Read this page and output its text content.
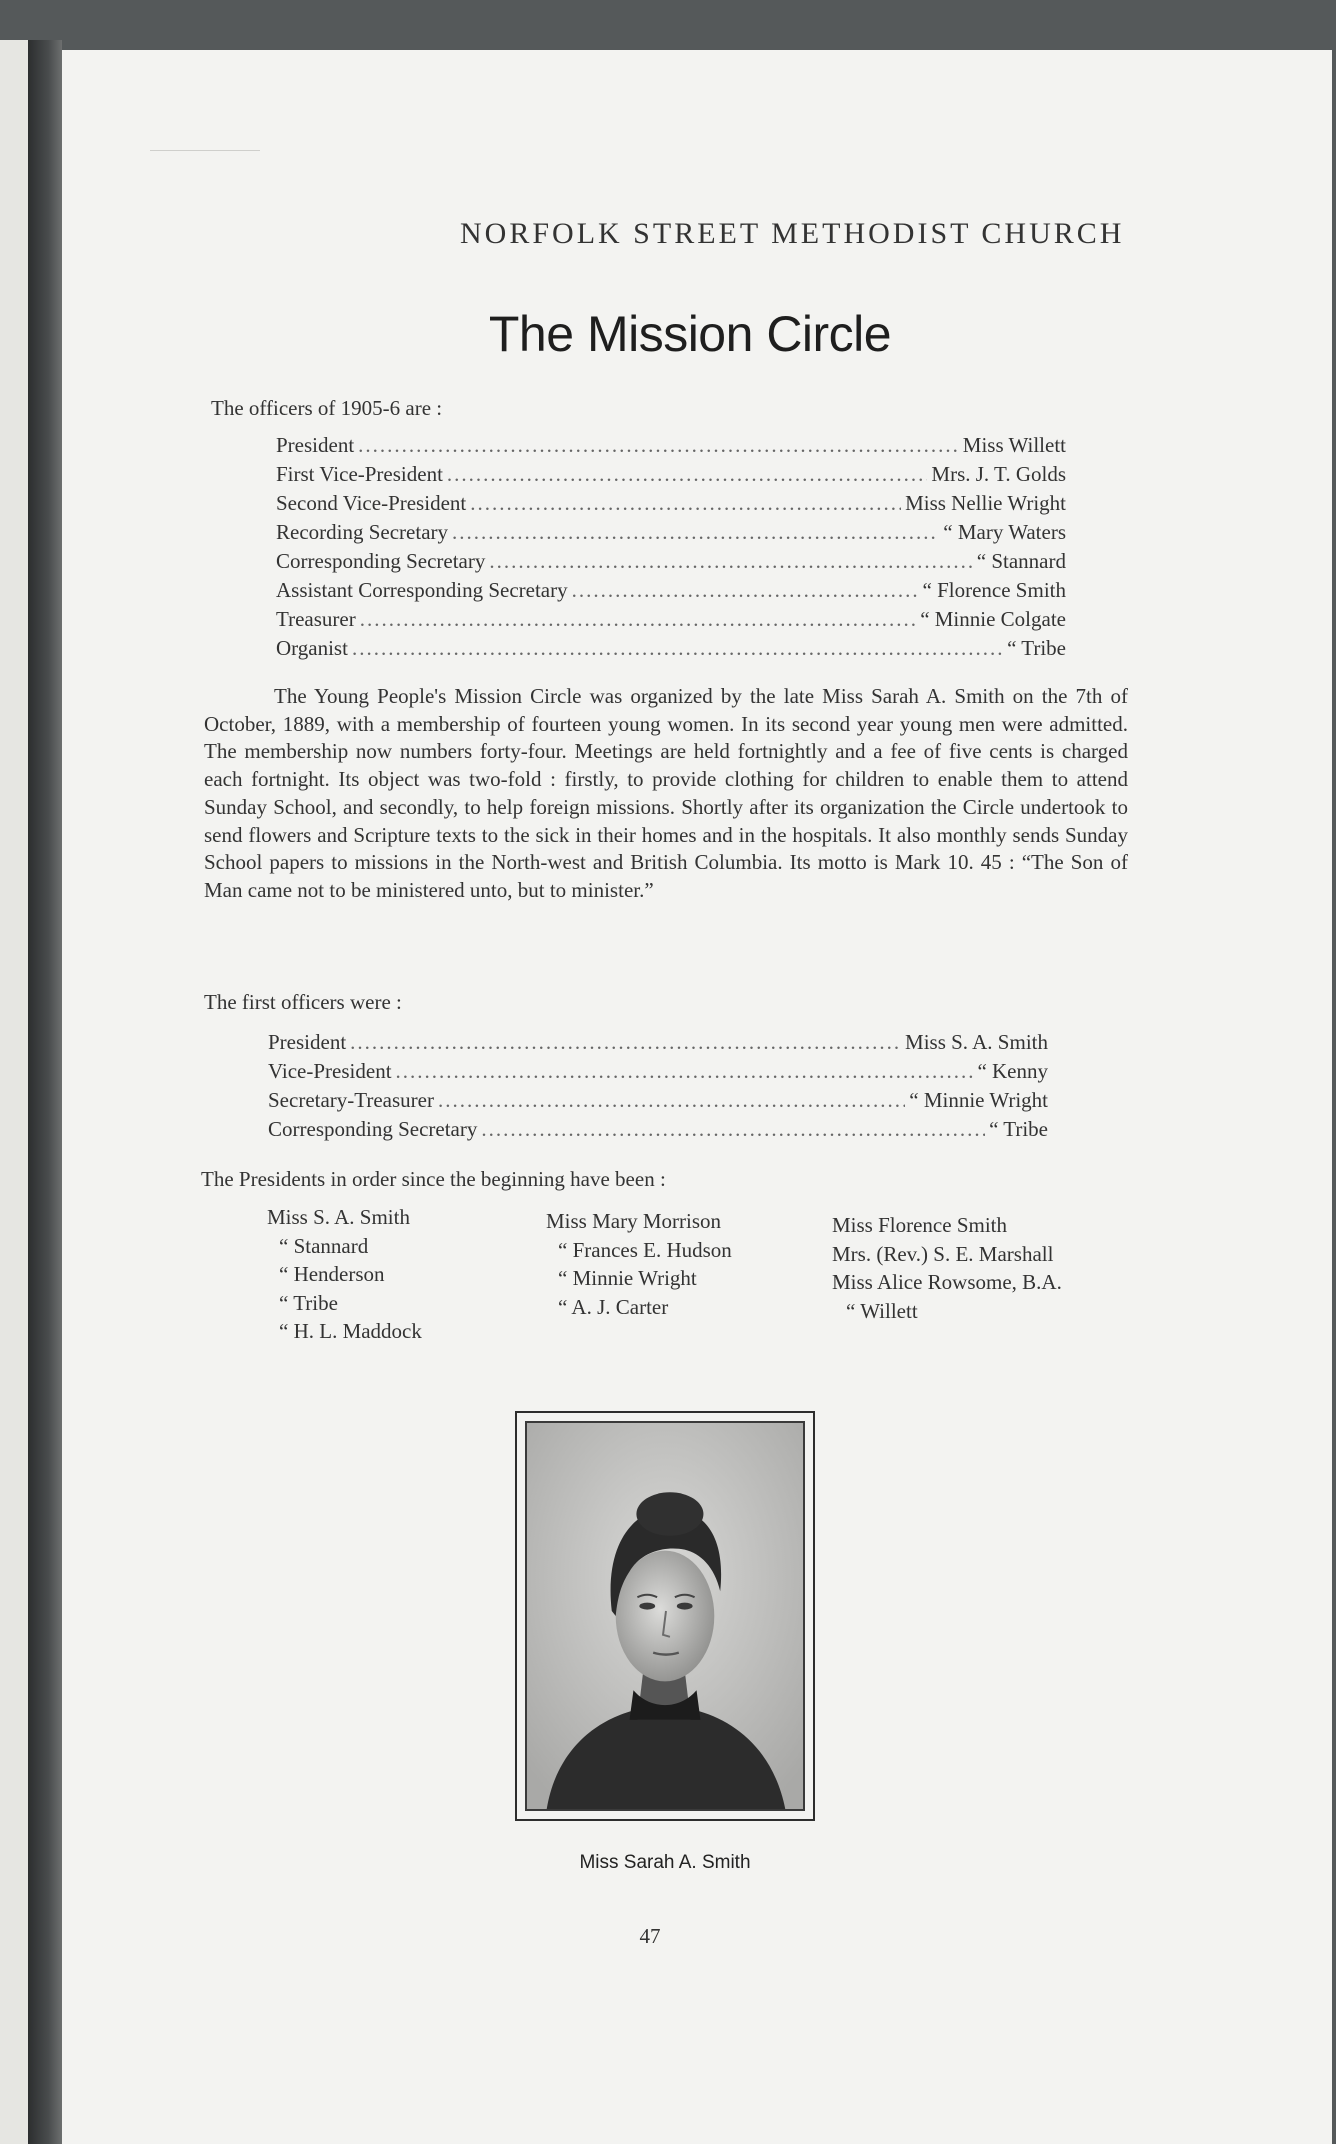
NORFOLK STREET METHODIST CHURCH
The Mission Circle
The officers of 1905-6 are :
President .....	Miss Willett
First Vice-President .....	Mrs. J. T. Golds
Second Vice-President .....	Miss Nellie Wright
Recording Secretary .....	“ Mary Waters
Corresponding Secretary .....	“ Stannard
Assistant Corresponding Secretary .....	“ Florence Smith
Treasurer .....	“ Minnie Colgate
Organist .....	“ Tribe

The Young People's Mission Circle was organized by the late Miss Sarah A. Smith on the 7th of October, 1889, with a membership of fourteen young women. In its second year young men were admitted. The membership now numbers forty-four. Meetings are held fortnightly and a fee of five cents is charged each fortnight. Its object was two-fold : firstly, to provide clothing for children to enable them to attend Sunday School, and secondly, to help foreign missions. Shortly after its organization the Circle undertook to send flowers and Scripture texts to the sick in their homes and in the hospitals. It also monthly sends Sunday School papers to missions in the North-west and British Columbia. Its motto is Mark 10. 45 : “The Son of Man came not to be ministered unto, but to minister.”

The first officers were :
President .....	Miss S. A. Smith
Vice-President .....	“ Kenny
Secretary-Treasurer .....	“ Minnie Wright
Corresponding Secretary .....	“ Tribe
The Presidents in order since the beginning have been :
Miss S. A. Smith
“ Stannard
“ Henderson
“ Tribe
“ H. L. Maddock
Miss Mary Morrison
“ Frances E. Hudson
“ Minnie Wright
“ A. J. Carter
Miss Florence Smith
Mrs. (Rev.) S. E. Marshall
Miss Alice Rowsome, B.A.
“ Willett
Miss Sarah A. Smith
47
